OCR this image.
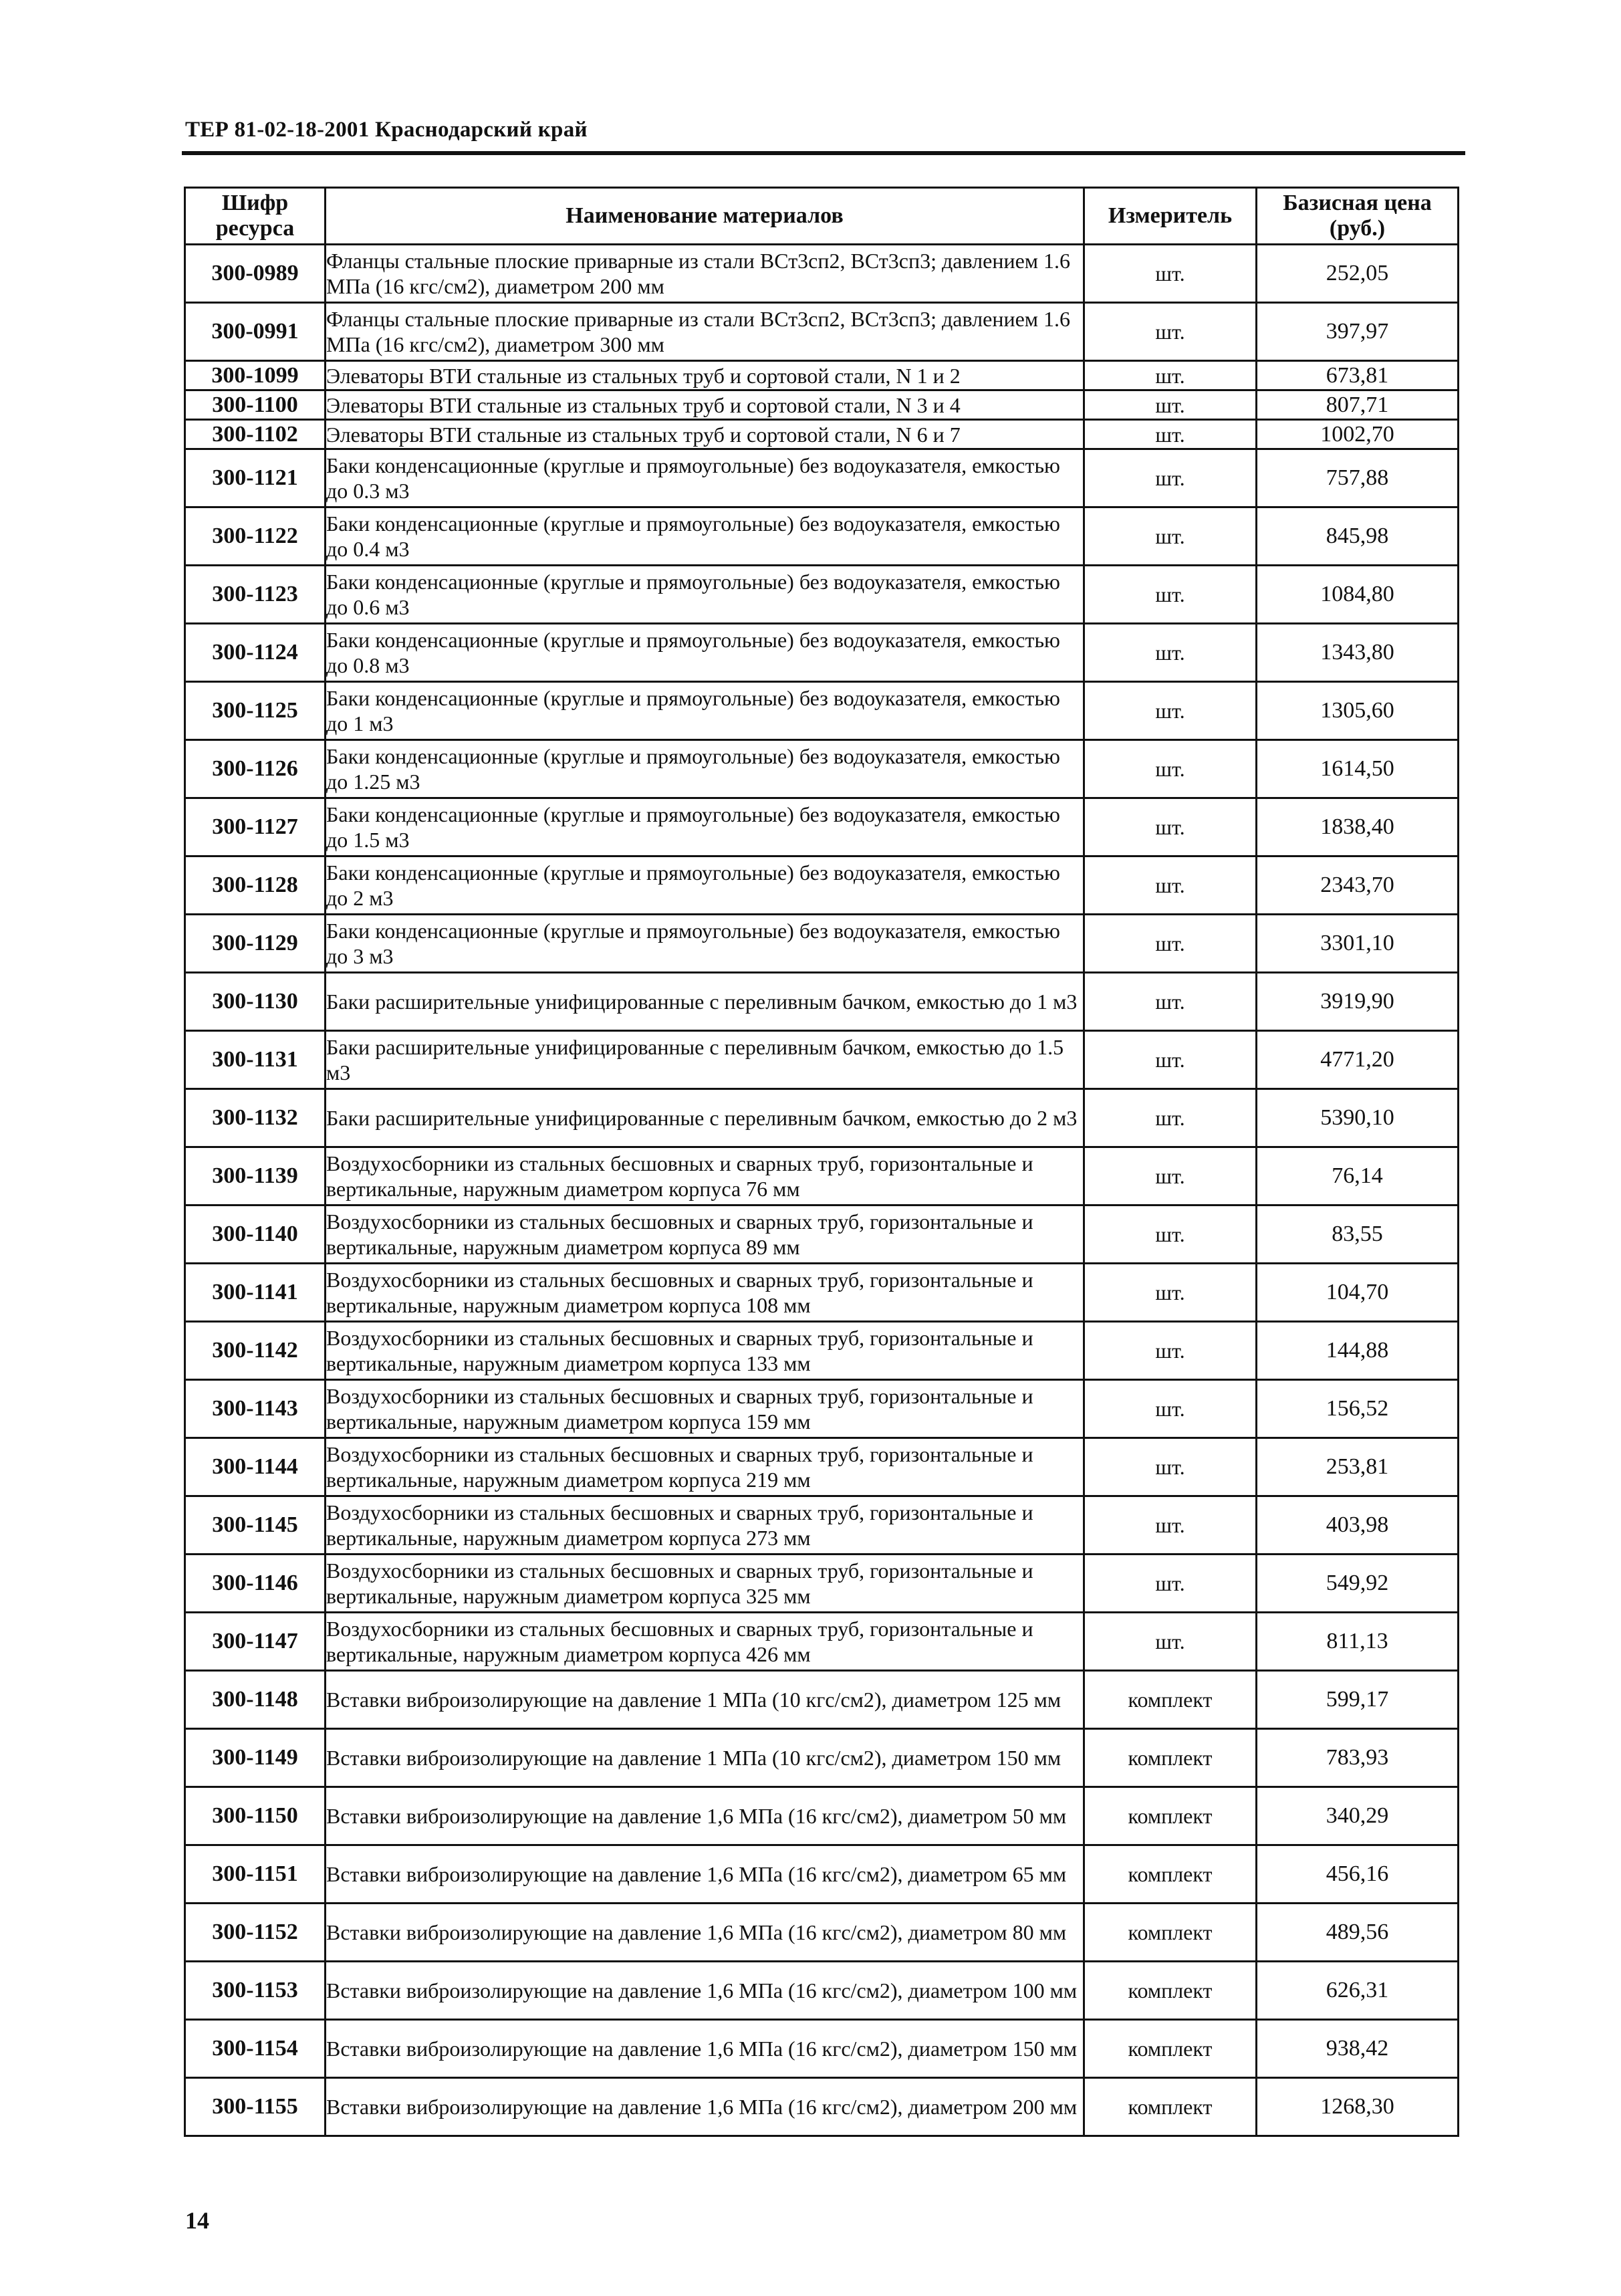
ТЕР 81-02-18-2001 Краснодарский край
Шифр ресурса	Наименование материалов	Измеритель	Базисная цена (руб.)
300-0989	Фланцы стальные плоские приварные из стали ВСт3сп2, ВСт3сп3; давлением 1.6 МПа (16 кгс/см2), диаметром 200 мм	шт.	252,05
300-0991	Фланцы стальные плоские приварные из стали ВСт3сп2, ВСт3сп3; давлением 1.6 МПа (16 кгс/см2), диаметром 300 мм	шт.	397,97
300-1099	Элеваторы ВТИ стальные из стальных труб и сортовой стали, N 1 и 2	шт.	673,81
300-1100	Элеваторы ВТИ стальные из стальных труб и сортовой стали, N 3 и 4	шт.	807,71
300-1102	Элеваторы ВТИ стальные из стальных труб и сортовой стали, N 6 и 7	шт.	1002,70
300-1121	Баки конденсационные (круглые и прямоугольные) без водоуказателя, емкостью до 0.3 м3	шт.	757,88
300-1122	Баки конденсационные (круглые и прямоугольные) без водоуказателя, емкостью до 0.4 м3	шт.	845,98
300-1123	Баки конденсационные (круглые и прямоугольные) без водоуказателя, емкостью до 0.6 м3	шт.	1084,80
300-1124	Баки конденсационные (круглые и прямоугольные) без водоуказателя, емкостью до 0.8 м3	шт.	1343,80
300-1125	Баки конденсационные (круглые и прямоугольные) без водоуказателя, емкостью до 1 м3	шт.	1305,60
300-1126	Баки конденсационные (круглые и прямоугольные) без водоуказателя, емкостью до 1.25 м3	шт.	1614,50
300-1127	Баки конденсационные (круглые и прямоугольные) без водоуказателя, емкостью до 1.5 м3	шт.	1838,40
300-1128	Баки конденсационные (круглые и прямоугольные) без водоуказателя, емкостью до 2 м3	шт.	2343,70
300-1129	Баки конденсационные (круглые и прямоугольные) без водоуказателя, емкостью до 3 м3	шт.	3301,10
300-1130	Баки расширительные унифицированные с переливным бачком, емкостью до 1 м3	шт.	3919,90
300-1131	Баки расширительные унифицированные с переливным бачком, емкостью до 1.5 м3	шт.	4771,20
300-1132	Баки расширительные унифицированные с переливным бачком, емкостью до 2 м3	шт.	5390,10
300-1139	Воздухосборники из стальных бесшовных и сварных труб, горизонтальные и вертикальные, наружным диаметром корпуса 76 мм	шт.	76,14
300-1140	Воздухосборники из стальных бесшовных и сварных труб, горизонтальные и вертикальные, наружным диаметром корпуса 89 мм	шт.	83,55
300-1141	Воздухосборники из стальных бесшовных и сварных труб, горизонтальные и вертикальные, наружным диаметром корпуса 108 мм	шт.	104,70
300-1142	Воздухосборники из стальных бесшовных и сварных труб, горизонтальные и вертикальные, наружным диаметром корпуса 133 мм	шт.	144,88
300-1143	Воздухосборники из стальных бесшовных и сварных труб, горизонтальные и вертикальные, наружным диаметром корпуса 159 мм	шт.	156,52
300-1144	Воздухосборники из стальных бесшовных и сварных труб, горизонтальные и вертикальные, наружным диаметром корпуса 219 мм	шт.	253,81
300-1145	Воздухосборники из стальных бесшовных и сварных труб, горизонтальные и вертикальные, наружным диаметром корпуса 273 мм	шт.	403,98
300-1146	Воздухосборники из стальных бесшовных и сварных труб, горизонтальные и вертикальные, наружным диаметром корпуса 325 мм	шт.	549,92
300-1147	Воздухосборники из стальных бесшовных и сварных труб, горизонтальные и вертикальные, наружным диаметром корпуса 426 мм	шт.	811,13
300-1148	Вставки виброизолирующие на давление 1 МПа (10 кгс/см2), диаметром 125 мм	комплект	599,17
300-1149	Вставки виброизолирующие на давление 1 МПа (10 кгс/см2), диаметром 150 мм	комплект	783,93
300-1150	Вставки виброизолирующие на давление 1,6 МПа (16 кгс/см2), диаметром 50 мм	комплект	340,29
300-1151	Вставки виброизолирующие на давление 1,6 МПа (16 кгс/см2), диаметром 65 мм	комплект	456,16
300-1152	Вставки виброизолирующие на давление 1,6 МПа (16 кгс/см2), диаметром 80 мм	комплект	489,56
300-1153	Вставки виброизолирующие на давление 1,6 МПа (16 кгс/см2), диаметром 100 мм	комплект	626,31
300-1154	Вставки виброизолирующие на давление 1,6 МПа (16 кгс/см2), диаметром 150 мм	комплект	938,42
300-1155	Вставки виброизолирующие на давление 1,6 МПа (16 кгс/см2), диаметром 200 мм	комплект	1268,30
14
